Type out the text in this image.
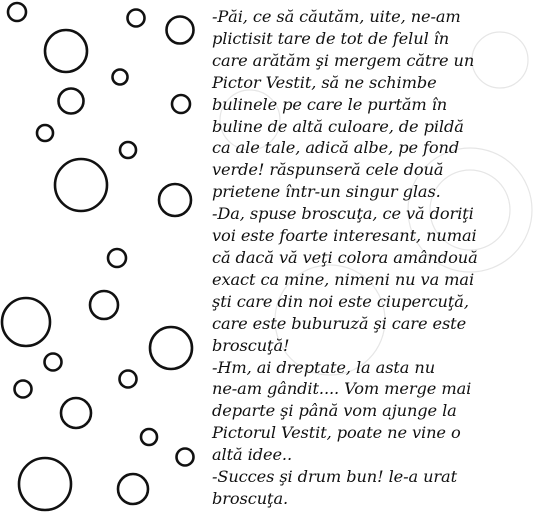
-Păi, ce să căutăm, uite, ne-am
plictisit tare de tot de felul în
care arătăm şi mergem către un
Pictor Vestit, să ne schimbe
bulinele pe care le purtăm în
buline de altă culoare, de pildă
ca ale tale, adică albe, pe fond
verde! răspunseră cele două
prietene într-un singur glas.
-Da, spuse broscuţa, ce vă doriţi
voi este foarte interesant, numai
că dacă vă veţi colora amândouă
exact ca mine, nimeni nu va mai
şti care din noi este ciupercuţă,
care este buburuză şi care este
broscuţă!
-Hm, ai dreptate, la asta nu
ne-am gândit.... Vom merge mai
departe şi până vom ajunge la
Pictorul Vestit, poate ne vine o
altă idee..
-Succes şi drum bun! le-a urat
broscuţa.
